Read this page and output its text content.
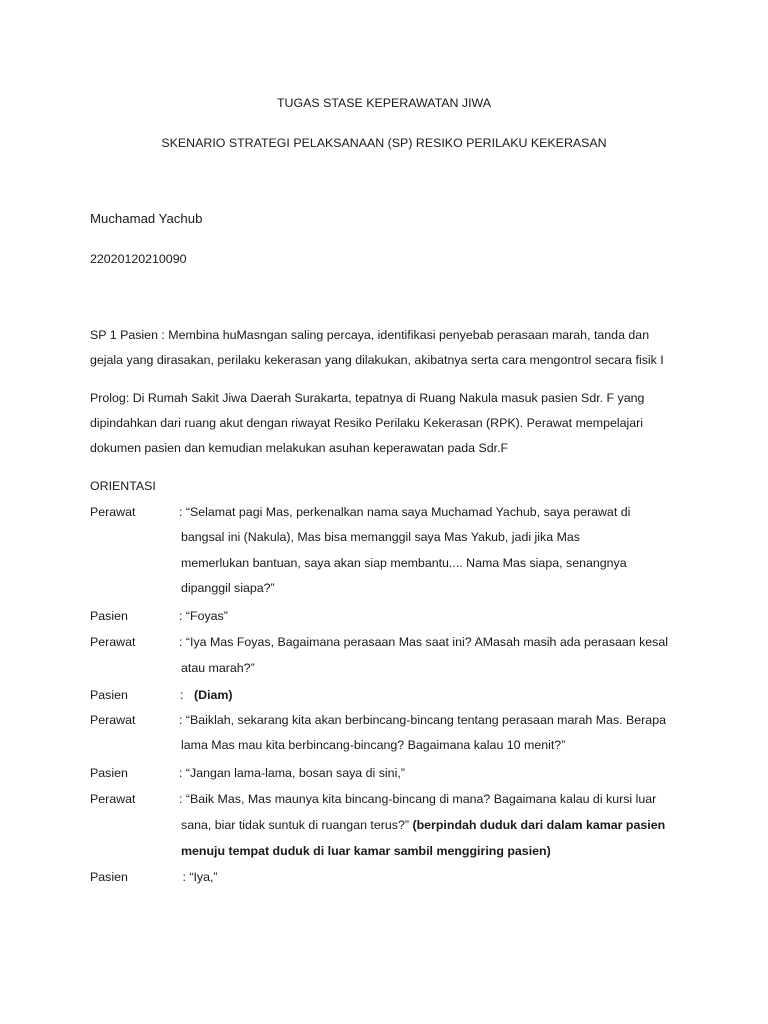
TUGAS STASE KEPERAWATAN JIWA
SKENARIO STRATEGI PELAKSANAAN (SP) RESIKO PERILAKU KEKERASAN
Muchamad Yachub
22020120210090
SP 1 Pasien : Membina huMasngan saling percaya, identifikasi penyebab perasaan marah, tanda dan
gejala yang dirasakan, perilaku kekerasan yang dilakukan, akibatnya serta cara mengontrol secara fisik I
Prolog: Di Rumah Sakit Jiwa Daerah Surakarta, tepatnya di Ruang Nakula masuk pasien Sdr. F yang
dipindahkan dari ruang akut dengan riwayat Resiko Perilaku Kekerasan (RPK). Perawat mempelajari
dokumen pasien dan kemudian melakukan asuhan keperawatan pada Sdr.F
ORIENTASI
Perawat	: “Selamat pagi Mas, perkenalkan nama saya Muchamad Yachub, saya perawat di
bangsal ini (Nakula), Mas bisa memanggil saya Mas Yakub, jadi jika Mas
memerlukan bantuan, saya akan siap membantu.... Nama Mas siapa, senangnya
dipanggil siapa?”
Pasien	: “Foyas”
Perawat	: “Iya Mas Foyas, Bagaimana perasaan Mas saat ini? AMasah masih ada perasaan kesal
atau marah?”
Pasien	: (Diam)
Perawat	: “Baiklah, sekarang kita akan berbincang-bincang tentang perasaan marah Mas. Berapa
lama Mas mau kita berbincang-bincang? Bagaimana kalau 10 menit?”
Pasien	: “Jangan lama-lama, bosan saya di sini,”
Perawat	: “Baik Mas, Mas maunya kita bincang-bincang di mana? Bagaimana kalau di kursi luar
sana, biar tidak suntuk di ruangan terus?” (berpindah duduk dari dalam kamar pasien
menuju tempat duduk di luar kamar sambil menggiring pasien)
Pasien	: “Iya,”
